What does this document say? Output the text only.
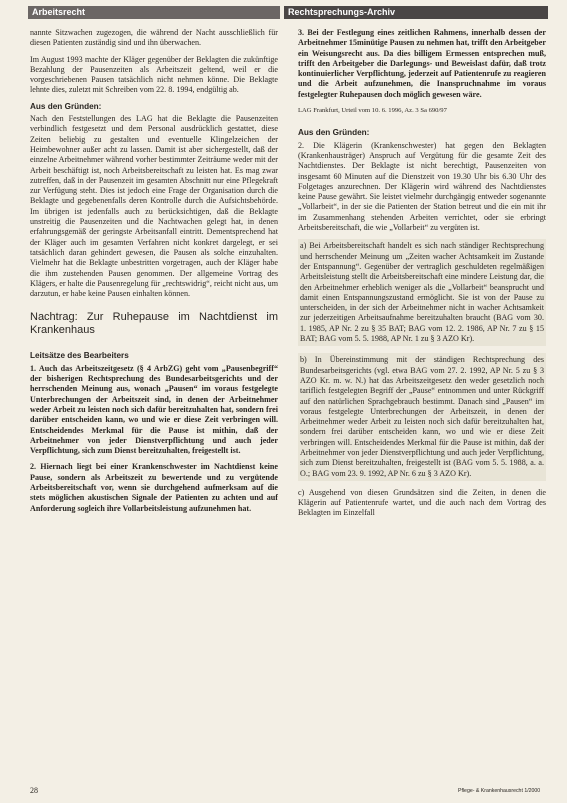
Arbeitsrecht	Rechtsprechungs-Archiv

nannte Sitzwachen zugezogen, die während der Nacht ausschließlich für diesen Patienten zuständig sind und ihn überwachen.

Im August 1993 machte der Kläger gegenüber der Beklagten die zukünftige Bezahlung der Pausenzeiten als Arbeitszeit geltend, weil er die vorgeschriebenen Pausen tatsächlich nicht nehmen könne. Die Beklagte lehnte dies, zuletzt mit Schreiben vom 22. 8. 1994, endgültig ab.

Aus den Gründen:

Nach den Feststellungen des LAG hat die Beklagte die Pausenzeiten verbindlich festgesetzt und dem Personal ausdrücklich gestattet, diese Zeiten beliebig zu gestalten und eventuelle Klingelzeichen der Heimbewohner außer acht zu lassen. Damit ist aber sichergestellt, daß der einzelne Arbeitnehmer während vorher bestimmter Zeiträume weder mit der Arbeit beschäftigt ist, noch Arbeitsbereitschaft zu leisten hat. Es mag zwar zutreffen, daß in der Pausenzeit im gesamten Abschnitt nur eine Pflegekraft zur Verfügung steht. Dies ist jedoch eine Frage der Organisation durch die Beklagte und gegebenenfalls deren Kontrolle durch die Aufsichtsbehörde. Im übrigen ist jedenfalls auch zu berücksichtigen, daß die Beklagte unstreitig die Pausenzeiten und die Nachtwachen gelegt hat, in denen erfahrungsgemäß der geringste Arbeitsanfall eintritt. Dementsprechend hat der Kläger auch im gesamten Verfahren nicht konkret dargelegt, er sei tatsächlich daran gehindert gewesen, die Pausen als solche einzuhalten. Vielmehr hat die Beklagte unbestritten vorgetragen, auch der Kläger habe die ihm zustehenden Pausen genommen. Der allgemeine Vortrag des Klägers, er halte die Pausenregelung für „rechtswidrig“, reicht nicht aus, um darzutun, er habe keine Pausen einhalten können.

Nachtrag: Zur Ruhepause im Nachtdienst im Krankenhaus
Leitsätze des Bearbeiters

1. Auch das Arbeitszeitgesetz (§ 4 ArbZG) geht vom „Pausenbegriff“ der bisherigen Rechtsprechung des Bundesarbeitsgerichts und der herrschenden Meinung aus, wonach „Pausen“ im voraus festgelegte Unterbrechungen der Arbeitszeit sind, in denen der Arbeitnehmer weder Arbeit zu leisten noch sich dafür bereitzuhalten hat, sondern frei darüber entscheiden kann, wo und wie er diese Zeit verbringen will. Entscheidendes Merkmal für die Pause ist mithin, daß der Arbeitnehmer von jeder Dienstverpflichtung und auch jeder Verpflichtung, sich zum Dienst bereitzuhalten, freigestellt ist.

2. Hiernach liegt bei einer Krankenschwester im Nachtdienst keine Pause, sondern als Arbeitszeit zu bewertende und zu vergütende Arbeitsbereitschaft vor, wenn sie durchgehend aufmerksam auf die stets möglichen akustischen Signale der Patienten zu achten und auf Anforderung sogleich ihre Vollarbeitsleistung aufzunehmen hat.

3. Bei der Festlegung eines zeitlichen Rahmens, innerhalb dessen der Arbeitnehmer 15minütige Pausen zu nehmen hat, trifft den Arbeitgeber ein Weisungsrecht aus. Da dies billigem Ermessen entsprechen muß, trifft den Arbeitgeber die Darlegungs- und Beweislast dafür, daß trotz kontinuierlicher Verpflichtung, jederzeit auf Patientenrufe zu reagieren und die Arbeit aufzunehmen, die Inanspruchnahme im voraus festgelegter Ruhepausen doch möglich gewesen wäre.

LAG Frankfurt, Urteil vom 10. 6. 1996, Az. 3 Sa 690/97
Aus den Gründen:

2. Die Klägerin (Krankenschwester) hat gegen den Beklagten (Krankenhausträger) Anspruch auf Vergütung für die gesamte Zeit des Nachtdienstes. Der Beklagte ist nicht berechtigt, Pausenzeiten von insgesamt 60 Minuten auf die Dienstzeit von 19.30 Uhr bis 6.30 Uhr des Folgetages anzurechnen. Der Klägerin wird während des Nachtdienstes keine Pause gewährt. Sie leistet vielmehr durchgängig entweder sogenannte „Vollarbeit“, in der sie die Patienten der Station betreut und die ein mit ihr im Zusammenhang stehenden Arbeiten verrichtet, oder sie erbringt Arbeitsbereitschaft, die wie „Vollarbeit“ zu vergüten ist.

a) Bei Arbeitsbereitschaft handelt es sich nach ständiger Rechtsprechung und herrschender Meinung um „Zeiten wacher Achtsamkeit im Zustande der Entspannung“. Gegenüber der vertraglich geschuldeten regelmäßigen Arbeitsleistung stellt die Arbeitsbereitschaft eine mindere Leistung dar, die den Arbeitnehmer erheblich weniger als die „Vollarbeit“ beansprucht und damit einen Entspannungszustand ermöglicht. Sie ist von der Pause zu unterscheiden, in der sich der Arbeitnehmer nicht in wacher Achtsamkeit zur jederzeitigen Arbeitsaufnahme bereitzuhalten braucht (BAG vom 30. 1. 1985, AP Nr. 2 zu § 35 BAT; BAG vom 12. 2. 1986, AP Nr. 7 zu § 15 BAT; BAG vom 5. 5. 1988, AP Nr. 1 zu § 3 AZO Kr).

b) In Übereinstimmung mit der ständigen Rechtsprechung des Bundesarbeitsgerichts (vgl. etwa BAG vom 27. 2. 1992, AP Nr. 5 zu § 3 AZO Kr. m. w. N.) hat das Arbeitszeitgesetz den weder gesetzlich noch tariflich festgelegten Begriff der „Pause“ entnommen und unter Rückgriff auf den natürlichen Sprachgebrauch bestimmt. Danach sind „Pausen“ im voraus festgelegte Unterbrechungen der Arbeitszeit, in denen der Arbeitnehmer weder Arbeit zu leisten noch sich dafür bereitzuhalten hat, sondern frei darüber entscheiden kann, wo und wie er diese Zeit verbringen will. Entscheidendes Merkmal für die Pause ist mithin, daß der Arbeitnehmer von jeder Dienstverpflichtung und auch jeder Verpflichtung, sich zum Dienst bereitzuhalten, freigestellt ist (BAG vom 5. 5. 1988, a. a. O.; BAG vom 23. 9. 1992, AP Nr. 6 zu § 3 AZO Kr).

c) Ausgehend von diesen Grundsätzen sind die Zeiten, in denen die Klägerin auf Patientenrufe wartet, und die auch nach dem Vortrag des Beklagten im Einzelfall

28	Pflege- & Krankenhausrecht 1/2000
